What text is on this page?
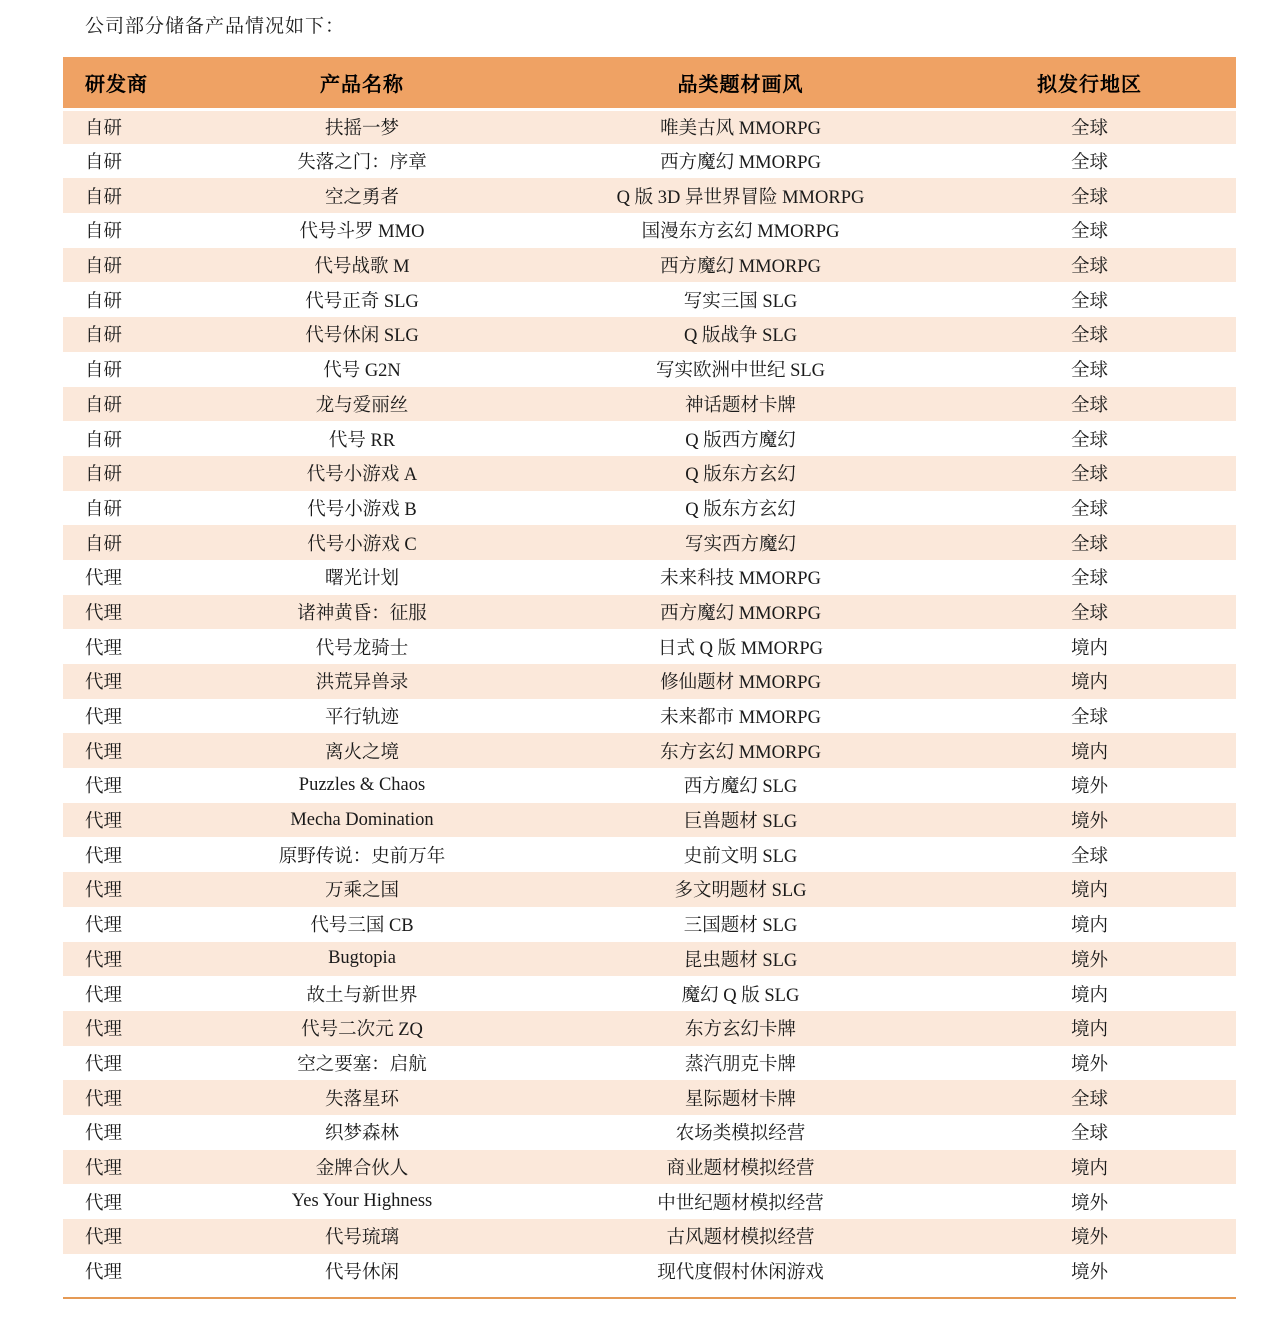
公司部分储备产品情况如下：
研发商	产品名称	品类题材画风	拟发行地区
自研	扶摇一梦	唯美古风 MMORPG	全球
自研	失落之门：序章	西方魔幻 MMORPG	全球
自研	空之勇者	Q 版 3D 异世界冒险 MMORPG	全球
自研	代号斗罗 MMO	国漫东方玄幻 MMORPG	全球
自研	代号战歌 M	西方魔幻 MMORPG	全球
自研	代号正奇 SLG	写实三国 SLG	全球
自研	代号休闲 SLG	Q 版战争 SLG	全球
自研	代号 G2N	写实欧洲中世纪 SLG	全球
自研	龙与爱丽丝	神话题材卡牌	全球
自研	代号 RR	Q 版西方魔幻	全球
自研	代号小游戏 A	Q 版东方玄幻	全球
自研	代号小游戏 B	Q 版东方玄幻	全球
自研	代号小游戏 C	写实西方魔幻	全球
代理	曙光计划	未来科技 MMORPG	全球
代理	诸神黄昏：征服	西方魔幻 MMORPG	全球
代理	代号龙骑士	日式 Q 版 MMORPG	境内
代理	洪荒异兽录	修仙题材 MMORPG	境内
代理	平行轨迹	未来都市 MMORPG	全球
代理	离火之境	东方玄幻 MMORPG	境内
代理	Puzzles & Chaos	西方魔幻 SLG	境外
代理	Mecha Domination	巨兽题材 SLG	境外
代理	原野传说：史前万年	史前文明 SLG	全球
代理	万乘之国	多文明题材 SLG	境内
代理	代号三国 CB	三国题材 SLG	境内
代理	Bugtopia	昆虫题材 SLG	境外
代理	故土与新世界	魔幻 Q 版 SLG	境内
代理	代号二次元 ZQ	东方玄幻卡牌	境内
代理	空之要塞：启航	蒸汽朋克卡牌	境外
代理	失落星环	星际题材卡牌	全球
代理	织梦森林	农场类模拟经营	全球
代理	金牌合伙人	商业题材模拟经营	境内
代理	Yes Your Highness	中世纪题材模拟经营	境外
代理	代号琉璃	古风题材模拟经营	境外
代理	代号休闲	现代度假村休闲游戏	境外
